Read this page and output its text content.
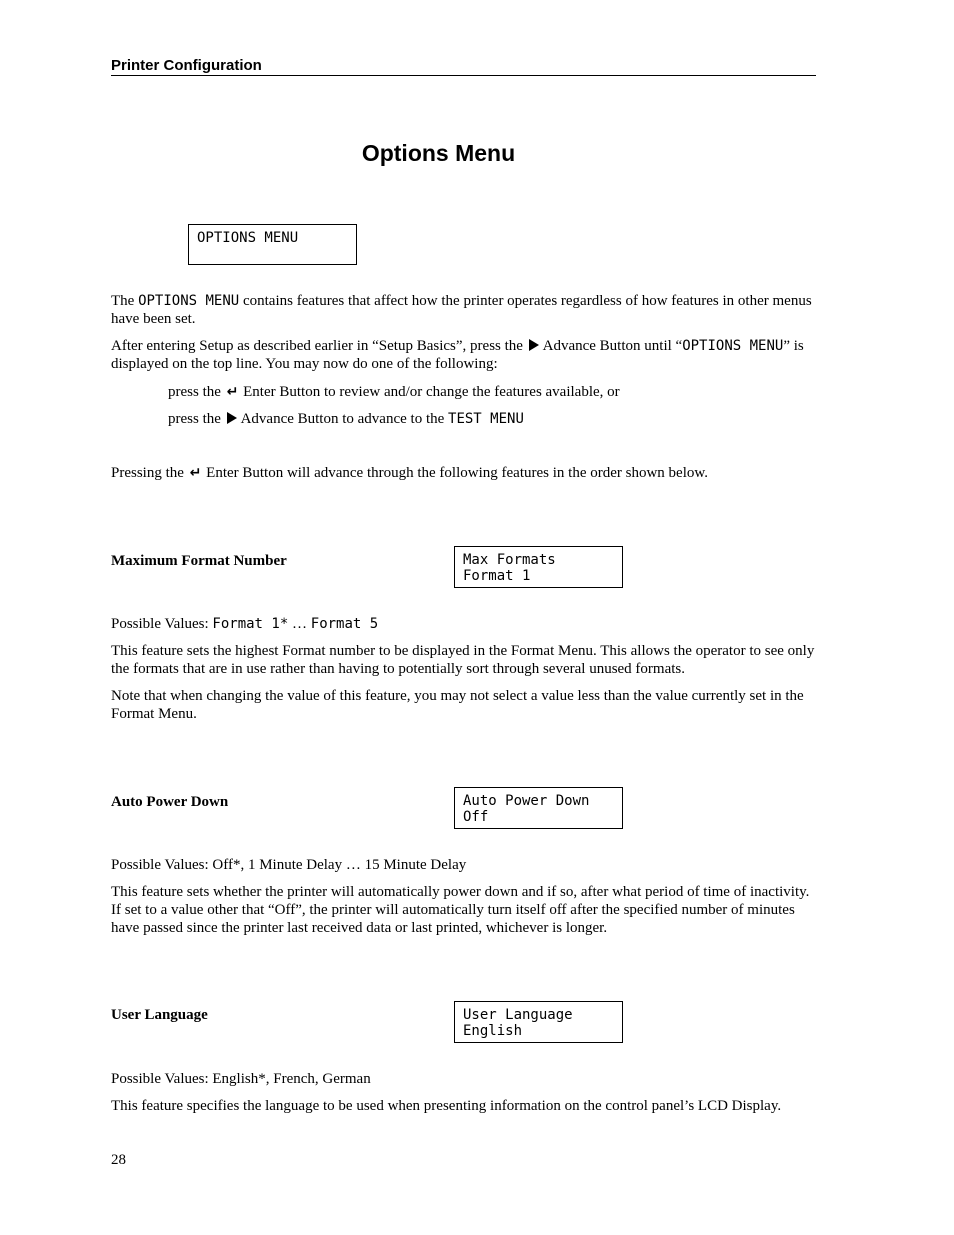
Printer Configuration
Options Menu
OPTIONS MENU
The OPTIONS MENU contains features that affect how the printer operates regardless of how features in other menus have been set.
After entering Setup as described earlier in “Setup Basics”, press the  Advance Button until “OPTIONS MENU” is displayed on the top line. You may now do one of the following:
press the ↵ Enter Button to review and/or change the features available, or
press the  Advance Button to advance to the TEST MENU
Pressing the ↵ Enter Button will advance through the following features in the order shown below.
Maximum Format Number	Max Formats
Format 1
Possible Values: Format 1* … Format 5
This feature sets the highest Format number to be displayed in the Format Menu. This allows the operator to see only the formats that are in use rather than having to potentially sort through several unused formats.
Note that when changing the value of this feature, you may not select a value less than the value currently set in the Format Menu.
Auto Power Down	Auto Power Down
Off
Possible Values: Off*, 1 Minute Delay … 15 Minute Delay
This feature sets whether the printer will automatically power down and if so, after what period of time of inactivity. If set to a value other that “Off”, the printer will automatically turn itself off after the specified number of minutes have passed since the printer last received data or last printed, whichever is longer.
User Language	User Language
English
Possible Values: English*, French, German
This feature specifies the language to be used when presenting information on the control panel’s LCD Display.
28
